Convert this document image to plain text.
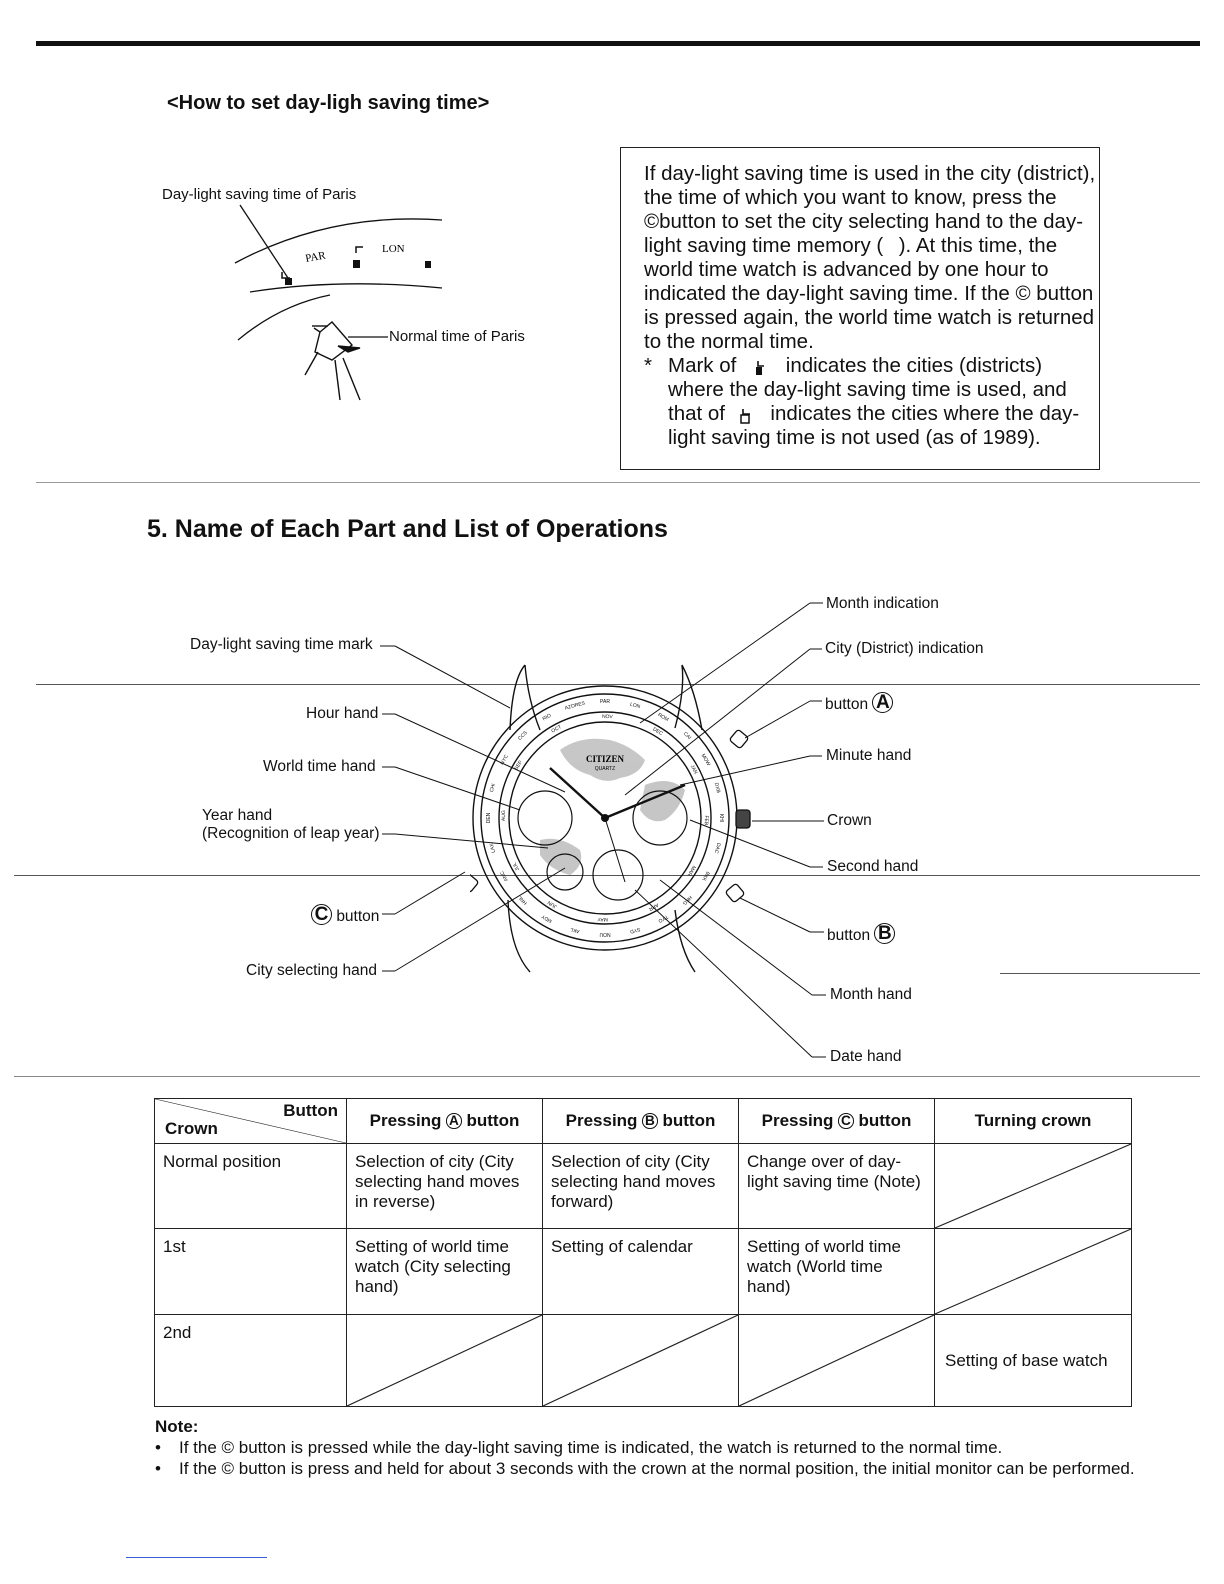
<How to set day-ligh saving time>
Day-light saving time of Paris
PAR
LON
Normal time of Paris

If day-light saving time is used in the city (district), the time of which you want to know, press the ©button to set the city selecting hand to the day-light saving time memory (   ). At this time, the world time watch is advanced by one hour to indicated the day-light saving time. If the © button is pressed again, the world time watch is returned to the normal time.

* Mark of indicates the cities (districts) where the day-light saving time is used, and that of indicates the cities where the day-light saving time is not used (as of 1989).
5. Name of Each Part and List of Operations
CITIZEN
QUARTZ
PAR	LON
ROM
CAI
MOW
DXB
KHI
DAC
BKK
HKG
TYO
SYD
NOU
AKL
MDY
HNL
ANC
LAX
DEN
CHI
NYC
CCS
RIO
AZORES
OCT
NOV
DEC
JAN
FEB
MAR
APR
MAY
JUN
JUL
AUG
SEP
Day-light saving time mark
Hour hand
World time hand
Year hand
(Recognition of leap year)
C button
City selecting hand
Month indication
City (District) indication
button A
Minute hand
Crown
Second hand
button B
Month hand
Date hand
Button
Crown	Pressing A button	Pressing B button	Pressing C button	Turning crown
Normal position	Selection of city (City selecting hand moves in reverse)	Selection of city (City selecting hand moves forward)	Change over of day-light saving time (Note)	

1st	Setting of world time watch (City selecting hand)	Setting of calendar	Setting of world time watch (World time hand)	

2nd				Setting of base watch
Note:
• If the © button is pressed while the day-light saving time is indicated, the watch is returned to the normal time.
• If the © button is press and held for about 3 seconds with the crown at the normal position, the initial monitor can be performed.
